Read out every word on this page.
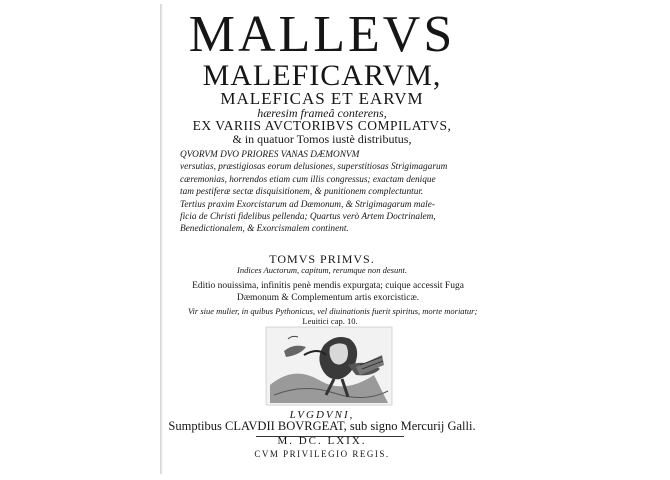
MALLEVS
MALEFICARVM,
MALEFICAS ET EARVM
hæresim frameâ conterens,
EX VARIIS AVCTORIBVS COMPILATVS,
& in quatuor Tomos iustè distributus,
QVORVM DVO PRIORES VANAS DÆMONVM
versutias, præstigiosas eorum delusiones, superstitiosas Strigimagarum
cæremonias, horrendos etiam cum illis congressus; exactam denique
tam pestiferæ sectæ disquisitionem, & punitionem complectuntur.
Tertius praxim Exorcistarum ad Dæmonum, & Strigimagarum male-
ficia de Christi fidelibus pellenda; Quartus verò Artem Doctrinalem,
Benedictionalem, & Exorcismalem continent.
TOMVS PRIMVS.
Indices Auctorum, capitum, rerumque non desunt.
Editio nouissima, infinitis penè mendis expurgata; cuique accessit Fuga
Dæmonum & Complementum artis exorcisticæ.
Vir siue mulier, in quibus Pythonicus, vel diuinationis fuerit spiritus, morte moriatur;
Leuitici cap. 10.
LVGDVNI,
Sumptibus CLAVDII BOVRGEAT, sub signo Mercurij Galli.
M. DC. LXIX.
CVM PRIVILEGIO REGIS.
